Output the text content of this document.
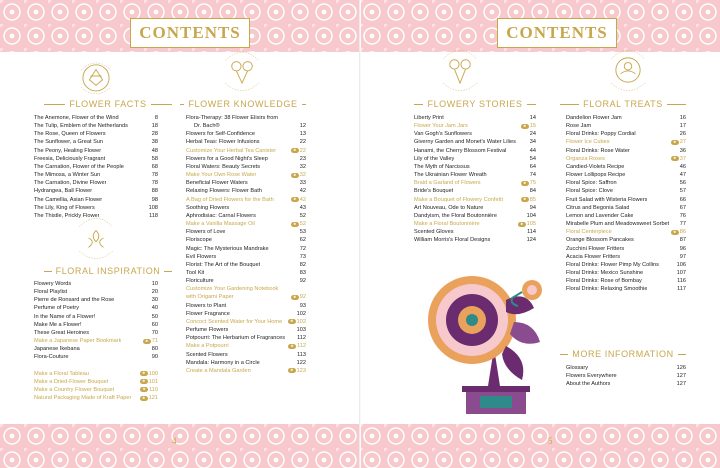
CONTENTS	CONTENTS
FLOWER FACTS
The Anemone, Flower of the Wind	8
The Tulip, Emblem of the Netherlands	18
The Rose, Queen of Flowers	28
The Sunflower, a Great Sun	38
The Peony, Healing Flower	48
Freesia, Deliciously Fragrant	58
The Carnation, Flower of the People	68
The Mimosa, a Winter Sun	78
The Carnation, Divine Flower	78
Hydrangea, Ball Flower	88
The Camellia, Asian Flower	98
The Lily, King of Flowers	108
The Thistle, Prickly Flower	118
FLORAL INSPIRATION
Flowery Words	10
Floral Playlist	20
Pierre de Ronsard and the Rose	30
Perfume of Poetry	40
In the Name of a Flower!	50
Make Me a Flower!	60
These Great Heroines	70
Make a Japanese Paper Bookmark	❀ 71
Japanese Ikebana	80
Flora-Couture	90
Make a Floral Tableau	❀ 100
Make a Dried-Flower Bouquet	❀ 101
Make a Country Flower Bouquet	❀ 110
Natural Packaging Made of Kraft Paper	❀ 121
FLOWER KNOWLEDGE
Flora-Therapy: 38 Flower Elixirs from
Dr. Bach®	12
Flowers for Self-Confidence	13
Herbal Teas: Flower Infusions	22
Customize Your Herbal Tea Canister	❀ 22
Flowers for a Good Night's Sleep	23
Floral Waters: Beauty Secrets	32
Make Your Own Rose Water	❀ 32
Beneficial Flower Waters	33
Relaxing Flowers: Flower Bath	42
A Bag of Dried Flowers for the Bath	❀ 42
Soothing Flowers	43
Aphrodisiac: Carnal Flowers	52
Make a Vanilla Massage Oil	❀ 52
Flowers of Love	53
Floriscope	62
Magic: The Mysterious Mandrake	72
Evil Flowers	73
Florist: The Art of the Bouquet	82
Tool Kit	83
Floriculture	92
Customize Your Gardening Notebook
with Origami Paper	❀ 92
Flowers to Plant	93
Flower Fragrance	102
Concoct Scented Water for Your Home	❀ 102
Perfume Flowers	103
Potpourri: The Herbarium of Fragrances	112
Make a Potpourri	❀ 112
Scented Flowers	113
Mandala: Harmony in a Circle	122
Create a Mandala Garden	❀ 123
FLOWERY STORIES
Liberty Print	14
Flower Your Jam Jars	❀ 15
Van Gogh's Sunflowers	24
Giverny Garden and Monet's Water Lilies	34
Hanami, the Cherry Blossom Festival	44
Lily of the Valley	54
The Myth of Narcissus	64
The Ukrainian Flower Wreath	74
Braid a Garland of Flowers	❀ 75
Bride's Bouquet	84
Make a Bouquet of Flowery Confetti	❀ 85
Art Nouveau, Ode to Nature	94
Dandyism, the Floral Boutonnière	104
Make a Floral Boutonnière	❀ 105
Scented Gloves	114
William Morris's Floral Designs	124
FLORAL TREATS
Dandelion Flower Jam	16
Rose Jam	17
Floral Drinks: Poppy Cordial	26
Flower Ice Cubes	❀ 27
Floral Drinks: Rose Water	36
Organza Roses	❀ 37
Candied-Violets Recipe	46
Flower Lollipops Recipe	47
Floral Spice: Saffron	56
Floral Spice: Clove	57
Fruit Salad with Wisteria Flowers	66
Citrus and Begonia Salad	67
Lemon and Lavender Cake	76
Mirabelle Plum and Meadowsweet Sorbet	77
Floral Centerpiece	❀ 86
Orange Blossom Pancakes	87
Zucchini Flower Fritters	96
Acacia Flower Fritters	97
Floral Drinks: Flower Pimp My Collins	106
Floral Drinks: Mexico Sunshine	107
Floral Drinks: Rose of Bombay	116
Floral Drinks: Relaxing Smoothie	117
MORE INFORMATION
Glossary	126
Flowers Everywhere	127
About the Authors	127
4	5
